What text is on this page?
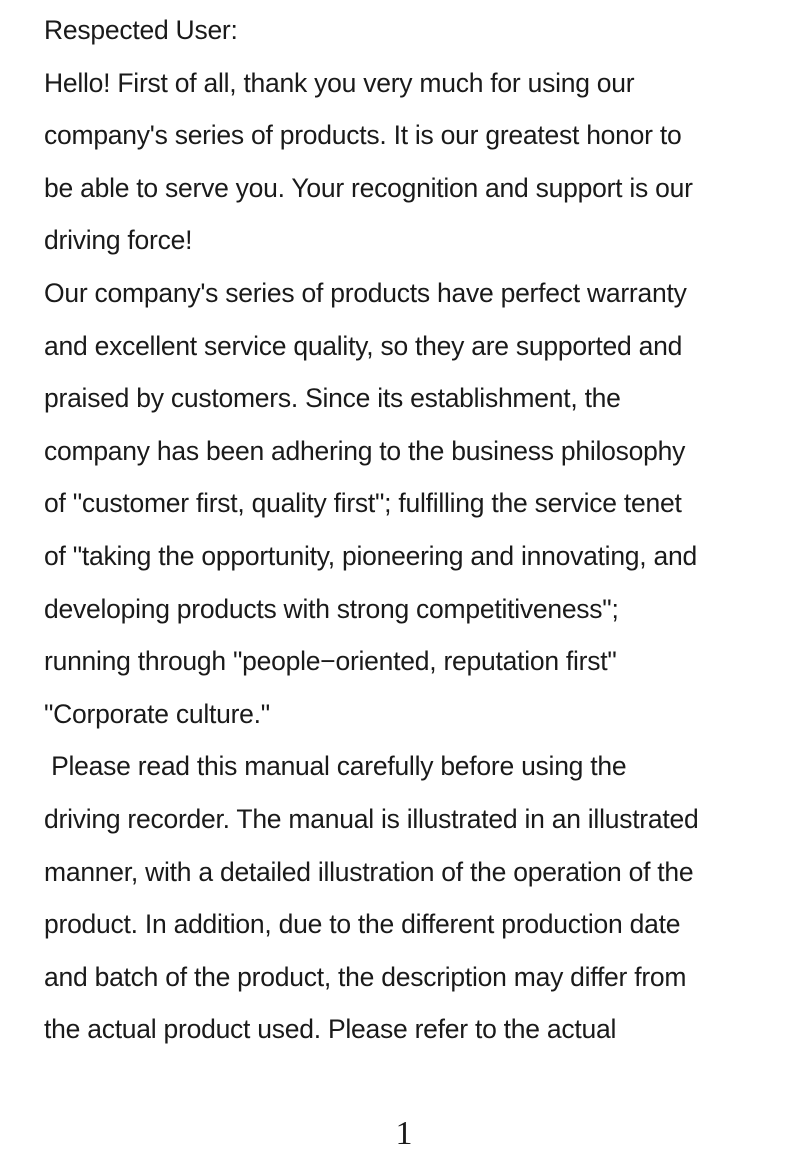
Respected User:
Hello! First of all, thank you very much for using our
company's series of products. It is our greatest honor to
be able to serve you. Your recognition and support is our
driving force!
Our company's series of products have perfect warranty
and excellent service quality, so they are supported and
praised by customers. Since its establishment, the
company has been adhering to the business philosophy
of "customer first, quality first"; fulfilling the service tenet
of "taking the opportunity, pioneering and innovating, and
developing products with strong competitiveness";
running through "people−oriented, reputation first"
"Corporate culture."
Please read this manual carefully before using the
driving recorder. The manual is illustrated in an illustrated
manner, with a detailed illustration of the operation of the
product. In addition, due to the different production date
and batch of the product, the description may differ from
the actual product used. Please refer to the actual
1
